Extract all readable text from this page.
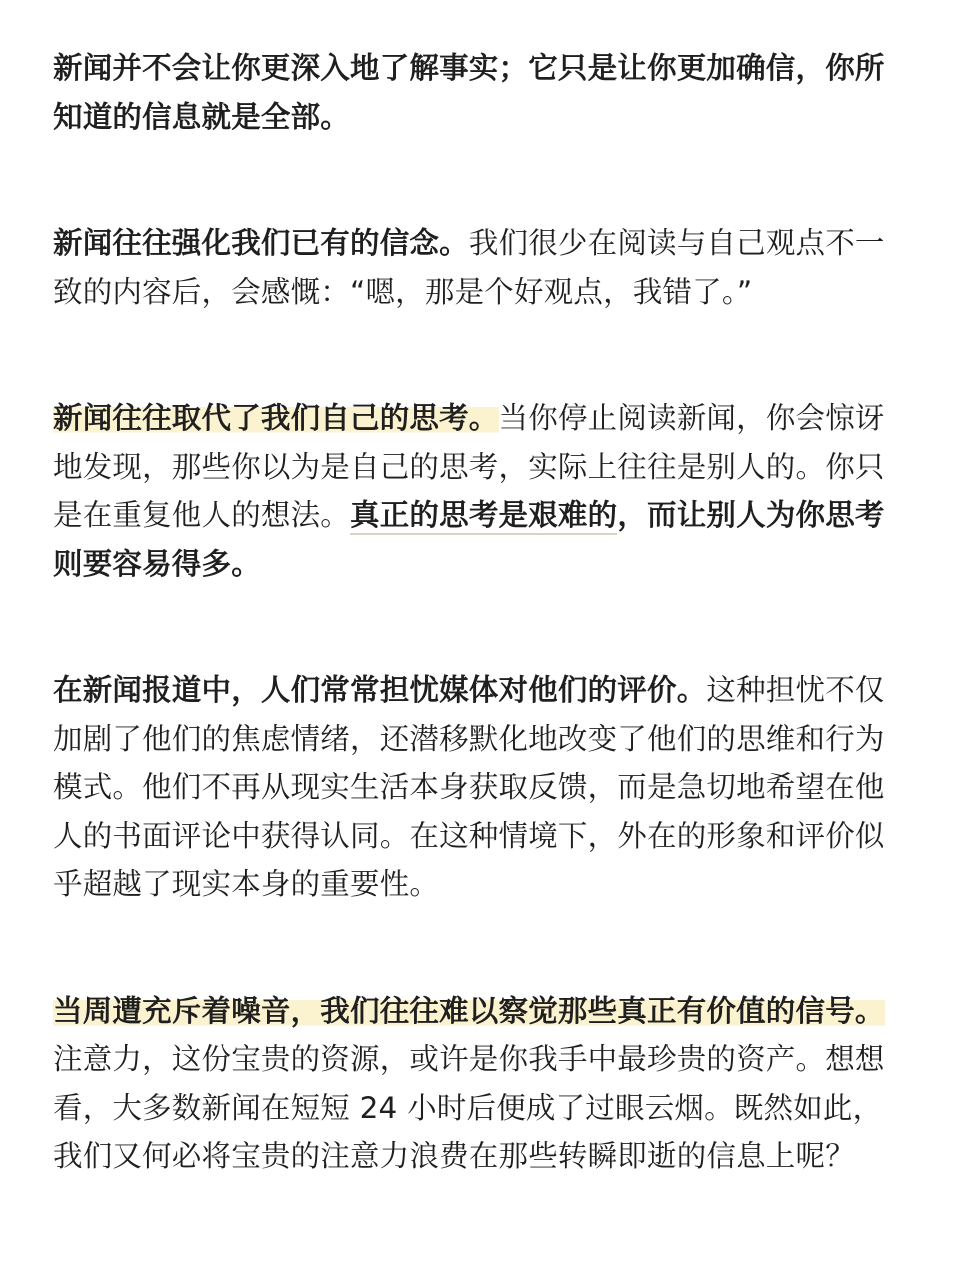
新闻并不会让你更深入地了解事实；它只是让你更加确信，你所知道的信息就是全部。

新闻往往强化我们已有的信念。我们很少在阅读与自己观点不一致的内容后，会感慨：“嗯，那是个好观点，我错了。”

新闻往往取代了我们自己的思考。当你停止阅读新闻，你会惊讶地发现，那些你以为是自己的思考，实际上往往是别人的。你只是在重复他人的想法。真正的思考是艰难的，而让别人为你思考则要容易得多。

在新闻报道中，人们常常担忧媒体对他们的评价。这种担忧不仅加剧了他们的焦虑情绪，还潜移默化地改变了他们的思维和行为模式。他们不再从现实生活本身获取反馈，而是急切地希望在他人的书面评论中获得认同。在这种情境下，外在的形象和评价似乎超越了现实本身的重要性。

当周遭充斥着噪音，我们往往难以察觉那些真正有价值的信号。注意力，这份宝贵的资源，或许是你我手中最珍贵的资产。想想看，大多数新闻在短短 24 小时后便成了过眼云烟。既然如此，我们又何必将宝贵的注意力浪费在那些转瞬即逝的信息上呢？
